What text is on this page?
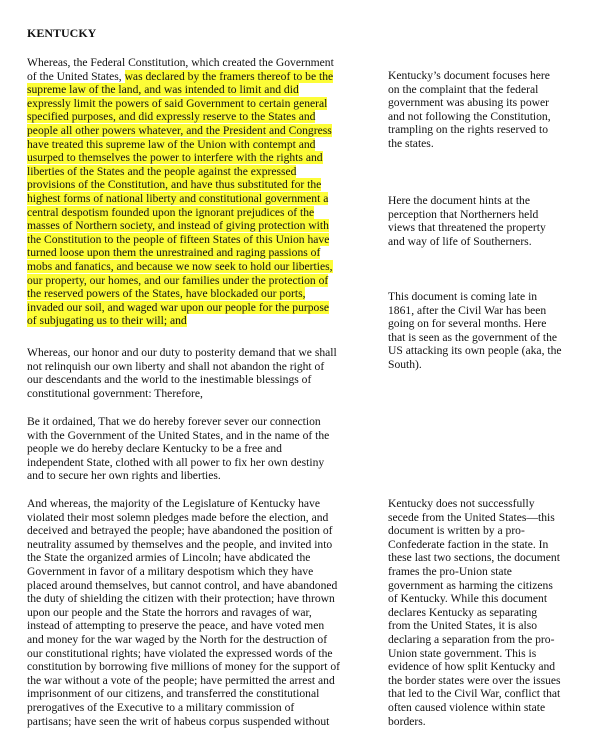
KENTUCKY
Whereas, the Federal Constitution, which created the Government
of the United States, was declared by the framers thereof to be the
supreme law of the land, and was intended to limit and did
expressly limit the powers of said Government to certain general
specified purposes, and did expressly reserve to the States and
people all other powers whatever, and the President and Congress
have treated this supreme law of the Union with contempt and
usurped to themselves the power to interfere with the rights and
liberties of the States and the people against the expressed
provisions of the Constitution, and have thus substituted for the
highest forms of national liberty and constitutional government a
central despotism founded upon the ignorant prejudices of the
masses of Northern society, and instead of giving protection with
the Constitution to the people of fifteen States of this Union have
turned loose upon them the unrestrained and raging passions of
mobs and fanatics, and because we now seek to hold our liberties,
our property, our homes, and our families under the protection of
the reserved powers of the States, have blockaded our ports,
invaded our soil, and waged war upon our people for the purpose
of subjugating us to their will; and
Whereas, our honor and our duty to posterity demand that we shall
not relinquish our own liberty and shall not abandon the right of
our descendants and the world to the inestimable blessings of
constitutional government: Therefore,
Be it ordained, That we do hereby forever sever our connection
with the Government of the United States, and in the name of the
people we do hereby declare Kentucky to be a free and
independent State, clothed with all power to fix her own destiny
and to secure her own rights and liberties.
And whereas, the majority of the Legislature of Kentucky have
violated their most solemn pledges made before the election, and
deceived and betrayed the people; have abandoned the position of
neutrality assumed by themselves and the people, and invited into
the State the organized armies of Lincoln; have abdicated the
Government in favor of a military despotism which they have
placed around themselves, but cannot control, and have abandoned
the duty of shielding the citizen with their protection; have thrown
upon our people and the State the horrors and ravages of war,
instead of attempting to preserve the peace, and have voted men
and money for the war waged by the North for the destruction of
our constitutional rights; have violated the expressed words of the
constitution by borrowing five millions of money for the support of
the war without a vote of the people; have permitted the arrest and
imprisonment of our citizens, and transferred the constitutional
prerogatives of the Executive to a military commission of
partisans; have seen the writ of habeus corpus suspended without
Kentucky’s document focuses here
on the complaint that the federal
government was abusing its power
and not following the Constitution,
trampling on the rights reserved to
the states.
Here the document hints at the
perception that Northerners held
views that threatened the property
and way of life of Southerners.
This document is coming late in
1861, after the Civil War has been
going on for several months. Here
that is seen as the government of the
US attacking its own people (aka, the
South).
Kentucky does not successfully
secede from the United States—this
document is written by a pro-
Confederate faction in the state. In
these last two sections, the document
frames the pro-Union state
government as harming the citizens
of Kentucky. While this document
declares Kentucky as separating
from the United States, it is also
declaring a separation from the pro-
Union state government. This is
evidence of how split Kentucky and
the border states were over the issues
that led to the Civil War, conflict that
often caused violence within state
borders.
